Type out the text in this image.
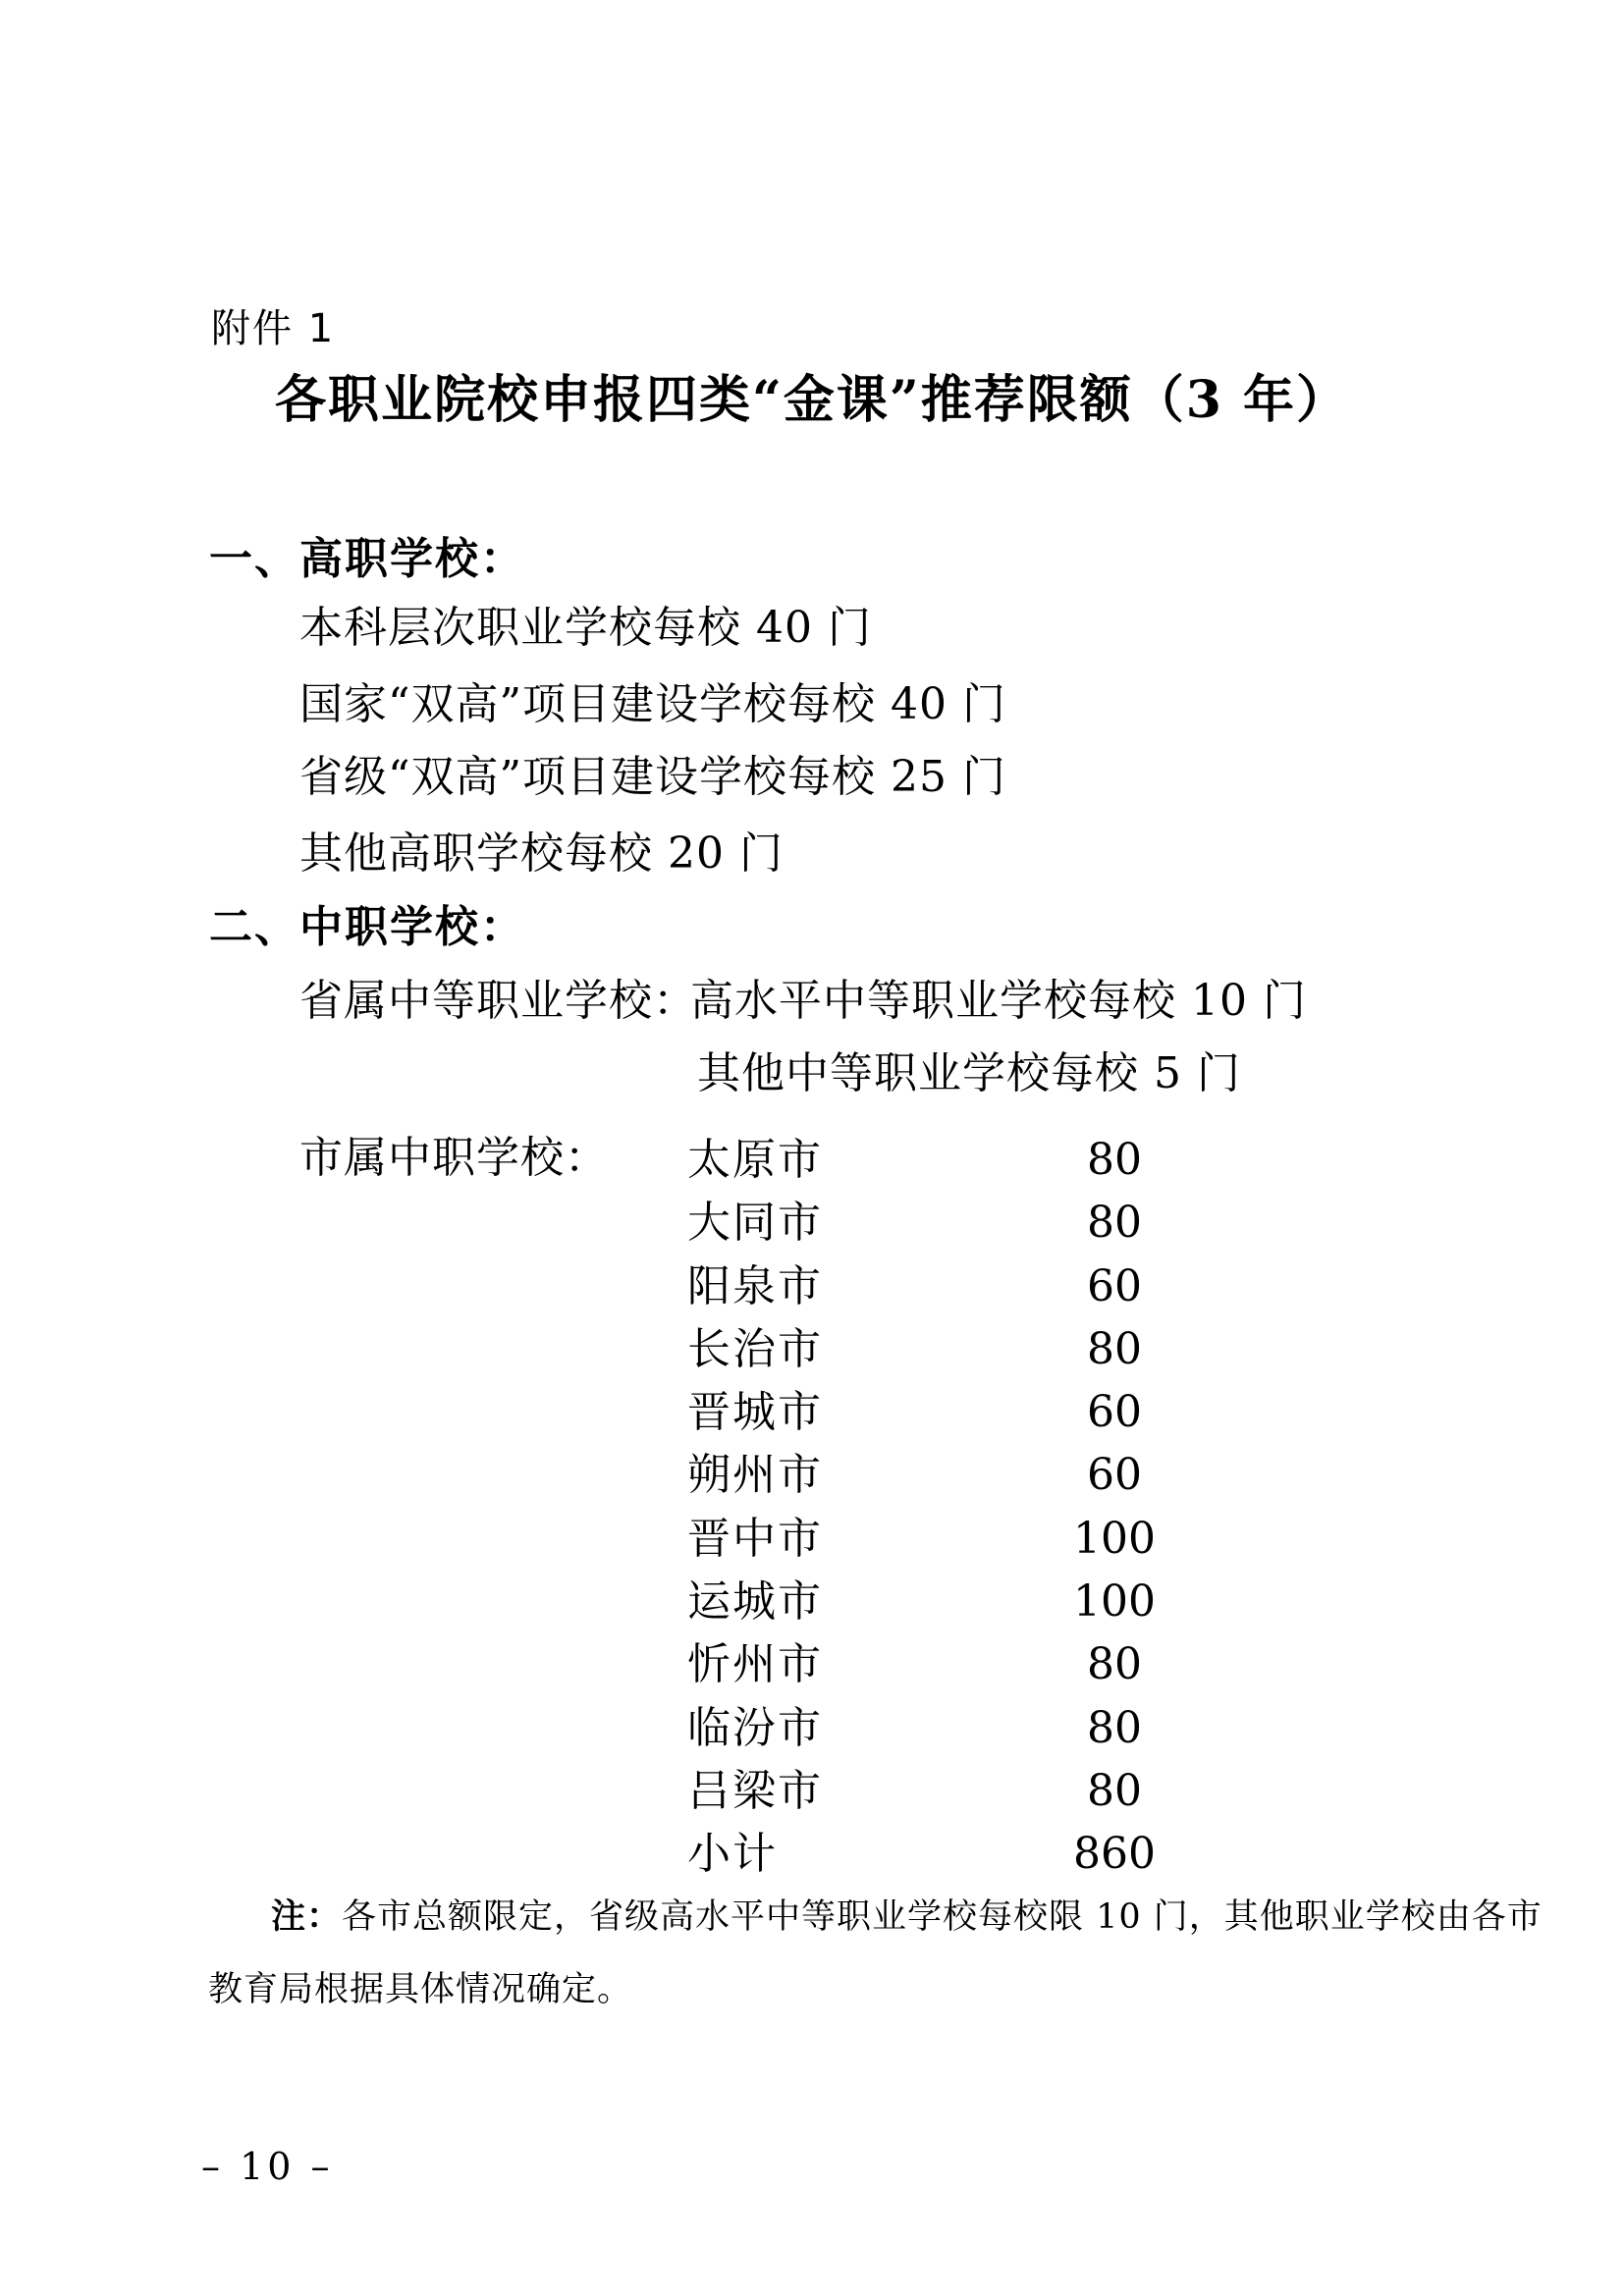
附件 1
各职业院校申报四类“金课”推荐限额（3 年）
一、高职学校：
本科层次职业学校每校 40 门
国家“双高”项目建设学校每校 40 门
省级“双高”项目建设学校每校 25 门
其他高职学校每校 20 门
二、中职学校：
省属中等职业学校：高水平中等职业学校每校 10 门
其他中等职业学校每校 5 门
市属中职学校： 太原市	80
大同市	80
阳泉市	60
长治市	80
晋城市	60
朔州市	60
晋中市	100
运城市	100
忻州市	80
临汾市	80
吕梁市	80
小计	860
注：各市总额限定，省级高水平中等职业学校每校限 10 门，其他职业学校由各市
教育局根据具体情况确定。
– 10 –
